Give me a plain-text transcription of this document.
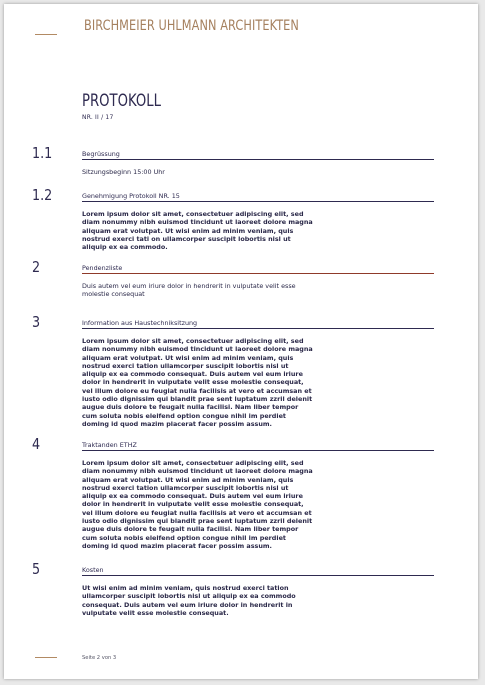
BIRCHMEIER UHLMANN ARCHITEKTEN
PROTOKOLL
NR. II / 17
1.1	Begrüssung
Sitzungsbeginn 15:00 Uhr
1.2	Genehmigung Protokoll NR. 15
Lorem ipsum dolor sit amet, consectetuer adipiscing elit, sed diam nonummy nibh euismod tincidunt ut laoreet dolore magna aliquam erat volutpat. Ut wisi enim ad minim veniam, quis nostrud exerci tati on ullamcorper suscipit lobortis nisl ut aliquip ex ea commodo.
2	Pendenzliste
Duis autem vel eum iriure dolor in hendrerit in vulputate velit esse molestie consequat
3	Information aus Haustechniksitzung
Lorem ipsum dolor sit amet, consectetuer adipiscing elit, sed diam nonummy nibh euismod tincidunt ut laoreet dolore magna aliquam erat volutpat. Ut wisi enim ad minim veniam, quis nostrud exerci tation ullamcorper suscipit lobortis nisl ut aliquip ex ea commodo consequat. Duis autem vel eum iriure dolor in hendrerit in vulputate velit esse molestie consequat, vel illum dolore eu feugiat nulla facilisis at vero et accumsan et iusto odio dignissim qui blandit prae sent luptatum zzril delenit augue duis dolore te feugait nulla facilisi. Nam liber tempor cum soluta nobis eleifend option congue nihil im perdiet doming id quod mazim placerat facer possim assum.
4	Traktanden ETHZ
Lorem ipsum dolor sit amet, consectetuer adipiscing elit, sed diam nonummy nibh euismod tincidunt ut laoreet dolore magna aliquam erat volutpat. Ut wisi enim ad minim veniam, quis nostrud exerci tation ullamcorper suscipit lobortis nisl ut aliquip ex ea commodo consequat. Duis autem vel eum iriure dolor in hendrerit in vulputate velit esse molestie consequat, vel illum dolore eu feugiat nulla facilisis at vero et accumsan et iusto odio dignissim qui blandit prae sent luptatum zzril delenit augue duis dolore te feugait nulla facilisi. Nam liber tempor cum soluta nobis eleifend option congue nihil im perdiet doming id quod mazim placerat facer possim assum.
5	Kosten
Ut wisi enim ad minim veniam, quis nostrud exerci tation ullamcorper suscipit lobortis nisl ut aliquip ex ea commodo consequat. Duis autem vel eum iriure dolor in hendrerit in vulputate velit esse molestie consequat.
Seite 2 von 3
